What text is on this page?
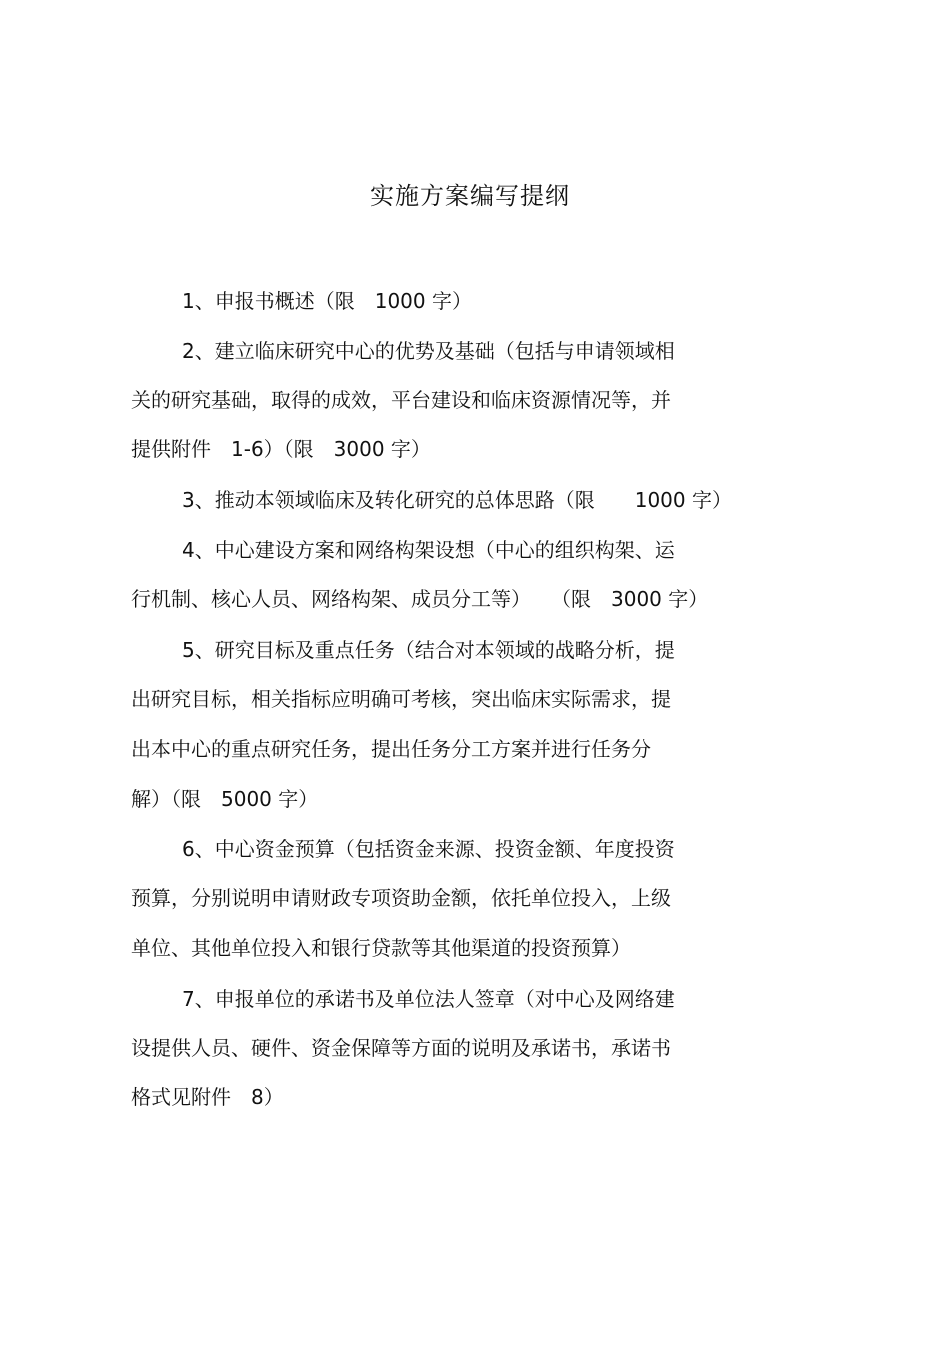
实施方案编写提纲
1、申报书概述（限　1000 字）
2、建立临床研究中心的优势及基础（包括与申请领域相
关的研究基础，取得的成效，平台建设和临床资源情况等，并
提供附件　1-6）（限　3000 字）
3、推动本领域临床及转化研究的总体思路（限　　1000 字）
4、中心建设方案和网络构架设想（中心的组织构架、运
行机制、核心人员、网络构架、成员分工等）　　（限　3000 字）
5、研究目标及重点任务（结合对本领域的战略分析，提
出研究目标，相关指标应明确可考核，突出临床实际需求，提
出本中心的重点研究任务，提出任务分工方案并进行任务分
解）（限　5000 字）
6、中心资金预算（包括资金来源、投资金额、年度投资
预算，分别说明申请财政专项资助金额，依托单位投入，上级
单位、其他单位投入和银行贷款等其他渠道的投资预算）
7、申报单位的承诺书及单位法人签章（对中心及网络建
设提供人员、硬件、资金保障等方面的说明及承诺书，承诺书
格式见附件　8）
